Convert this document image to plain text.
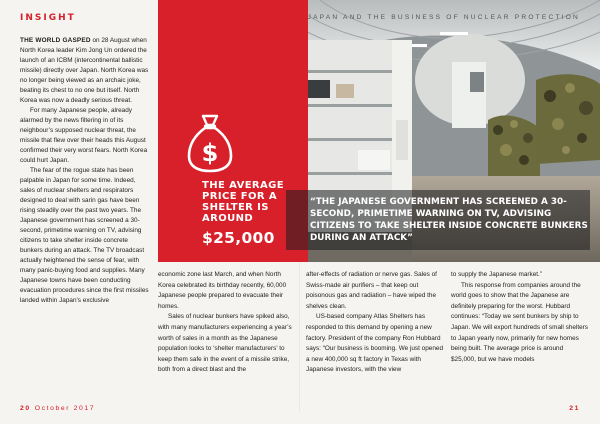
INSIGHT	JAPAN AND THE BUSINESS OF NUCLEAR PROTECTION

THE WORLD GASPED on 28 August when North Korea leader Kim Jong Un ordered the launch of an ICBM (intercontinental ballistic missile) directly over Japan. North Korea was no longer being viewed as an archaic joke, beating its chest to no one but itself. North Korea was now a deadly serious threat.

For many Japanese people, already alarmed by the news filtering in of its neighbour’s supposed nuclear threat, the missile that flew over their heads this August confirmed their very worst fears. North Korea could hurt Japan.

The fear of the rogue state has been palpable in Japan for some time. Indeed, sales of nuclear shelters and respirators designed to deal with sarin gas have been rising steadily over the past two years. The Japanese government has screened a 30-second, primetime warning on TV, advising citizens to take shelter inside concrete bunkers during an attack. The TV broadcast actually heightened the sense of fear, with many panic-buying food and supplies. Many Japanese towns have been conducting evacuation procedures since the first missiles landed within Japan’s exclusive

$
THE AVERAGE PRICE FOR A SHELTER IS AROUND
$25,000
“THE JAPANESE GOVERNMENT HAS SCREENED A 30-SECOND, PRIMETIME WARNING ON TV, ADVISING CITIZENS TO TAKE SHELTER INSIDE CONCRETE BUNKERS DURING AN ATTACK”

economic zone last March, and when North Korea celebrated its birthday recently, 60,000 Japanese people prepared to evacuate their homes.

Sales of nuclear bunkers have spiked also, with many manufacturers experiencing a year’s worth of sales in a month as the Japanese population looks to ‘shelter manufacturers’ to keep them safe in the event of a missile strike, both from a direct blast and the

after-effects of radiation or nerve gas. Sales of Swiss-made air purifiers – that keep out poisonous gas and radiation – have wiped the shelves clean.

US-based company Atlas Shelters has responded to this demand by opening a new factory. President of the company Ron Hubbard says: “Our business is booming. We just opened a new 400,000 sq ft factory in Texas with Japanese investors, with the view

to supply the Japanese market.”

This response from companies around the world goes to show that the Japanese are definitely preparing for the worst. Hubbard continues: “Today we sent bunkers by ship to Japan. We will export hundreds of small shelters to Japan yearly now, primarily for new homes being built. The average price is around $25,000, but we have models

20 October 2017	21
